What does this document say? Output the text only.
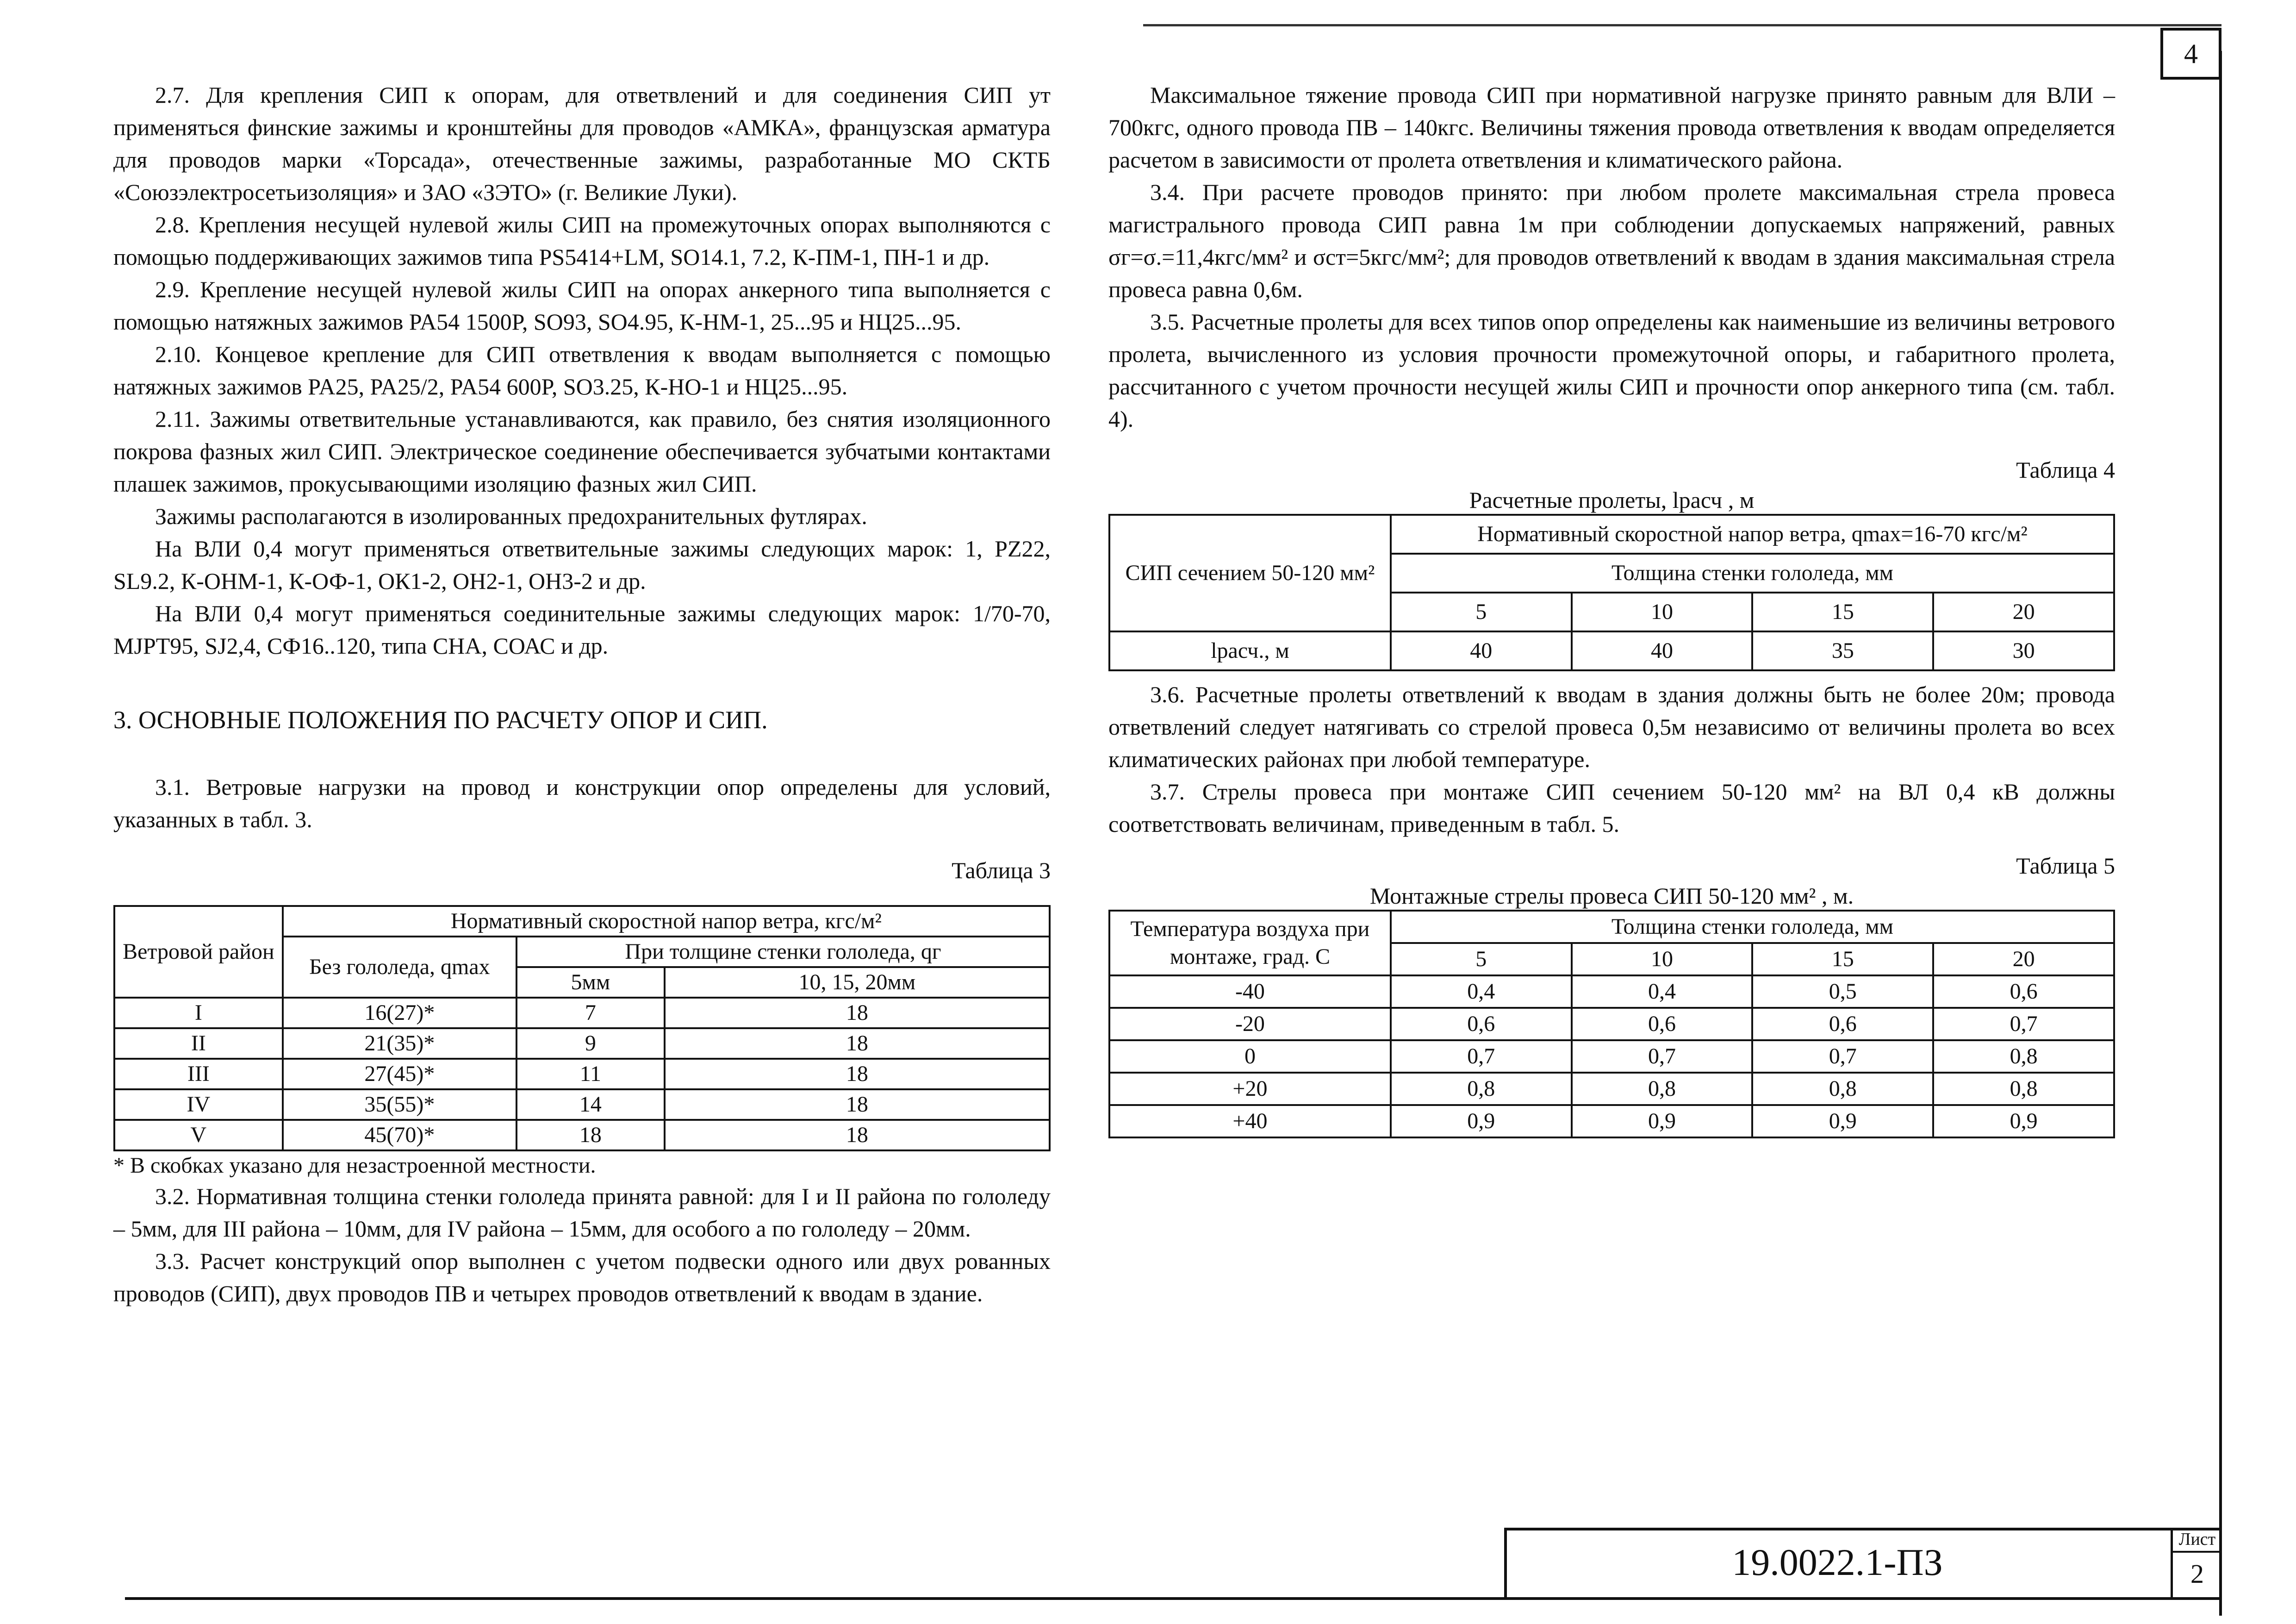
4

2.7. Для крепления СИП к опорам, для ответвлений и для соединения СИП ут применяться финские зажимы и кронштейны для проводов «АМКА», французская арматура для проводов марки «Торсада», отечественные зажимы, разработанные МО СКТБ «Союзэлектросетьизоляция» и ЗАО «ЗЭТО» (г. Великие Луки).

2.8. Крепления несущей нулевой жилы СИП на промежуточных опорах выполняются с помощью поддерживающих зажимов типа PS5414+LM, SO14.1, 7.2, К-ПМ-1, ПН-1 и др.

2.9. Крепление несущей нулевой жилы СИП на опорах анкерного типа выполняется с помощью натяжных зажимов PA54 1500P, SO93, SO4.95, К-НМ-1, 25...95 и НЦ25...95.

2.10. Концевое крепление для СИП ответвления к вводам выполняется с помощью натяжных зажимов PA25, PA25/2, PA54 600P, SO3.25, К-НО-1 и НЦ25...95.

2.11. Зажимы ответвительные устанавливаются, как правило, без снятия изоляционного покрова фазных жил СИП. Электрическое соединение обеспечивается зубчатыми контактами плашек зажимов, прокусывающими изоляцию фазных жил СИП.

Зажимы располагаются в изолированных предохранительных футлярах.

На ВЛИ 0,4 могут применяться ответвительные зажимы следующих марок: 1, PZ22, SL9.2, К-ОНМ-1, К-ОФ-1, ОК1-2, ОН2-1, ОН3-2 и др.

На ВЛИ 0,4 могут применяться соединительные зажимы следующих марок: 1/70-70, MJPT95, SJ2,4, СФ16..120, типа СНА, СОАС и др.

3. ОСНОВНЫЕ ПОЛОЖЕНИЯ ПО РАСЧЕТУ ОПОР И СИП.

3.1. Ветровые нагрузки на провод и конструкции опор определены для условий, указанных в табл. 3.

Таблица 3

Ветровой район	Нормативный скоростной напор ветра, кгс/м²		
	Без гололеда, qmax	При толщине стенки гололеда, qг	
		5мм	10, 15, 20мм
I	16(27)*	7	18
II	21(35)*	9	18
III	27(45)*	11	18
IV	35(55)*	14	18
V	45(70)*	18	18

* В скобках указано для незастроенной местности.

3.2. Нормативная толщина стенки гололеда принята равной: для I и II района по гололеду – 5мм, для III района – 10мм, для IV района – 15мм, для особого а по гололеду – 20мм.

3.3. Расчет конструкций опор выполнен с учетом подвески одного или двух рованных проводов (СИП), двух проводов ПВ и четырех проводов ответвлений к вводам в здание.

Максимальное тяжение провода СИП при нормативной нагрузке принято равным для ВЛИ – 700кгс, одного провода ПВ – 140кгс. Величины тяжения провода ответвления к вводам определяется расчетом в зависимости от пролета ответвления и климатического района.

3.4. При расчете проводов принято: при любом пролете максимальная стрела провеса магистрального провода СИП равна 1м при соблюдении допускаемых напряжений, равных σг=σ.=11,4кгс/мм² и σст=5кгс/мм²; для проводов ответвлений к вводам в здания максимальная стрела провеса равна 0,6м.

3.5. Расчетные пролеты для всех типов опор определены как наименьшие из величины ветрового пролета, вычисленного из условия прочности промежуточной опоры, и габаритного пролета, рассчитанного с учетом прочности несущей жилы СИП и прочности опор анкерного типа (см. табл. 4).

Таблица 4

Расчетные пролеты, lрасч , м

СИП сечением 50-120 мм²	Нормативный скоростной напор ветра, qmax=16-70 кгс/м²			
	Толщина стенки гололеда, мм			
	5	10	15	20
lрасч., м	40	40	35	30

3.6. Расчетные пролеты ответвлений к вводам в здания должны быть не более 20м; провода ответвлений следует натягивать со стрелой провеса 0,5м независимо от величины пролета во всех климатических районах при любой температуре.

3.7. Стрелы провеса при монтаже СИП сечением 50-120 мм² на ВЛ 0,4 кВ должны соответствовать величинам, приведенным в табл. 5.

Таблица 5

Монтажные стрелы провеса СИП 50-120 мм² , м.

Температура воздуха при монтаже, град. С	Толщина стенки гололеда, мм			
	5	10	15	20
-40	0,4	0,4	0,5	0,6
-20	0,6	0,6	0,6	0,7
0	0,7	0,7	0,7	0,8
+20	0,8	0,8	0,8	0,8
+40	0,9	0,9	0,9	0,9
19.0022.1-ПЗ
Лист
2
